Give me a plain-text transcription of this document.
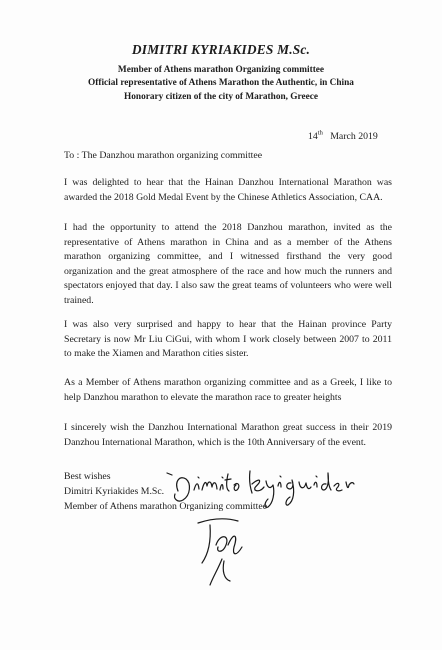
DIMITRI KYRIAKIDES M.Sc.

Member of Athens marathon Organizing committee

Official representative of Athens Marathon the Authentic, in China

Honorary citizen of the city of Marathon, Greece

14th March 2019
To : The Danzhou marathon organizing committee

I was delighted to hear that the Hainan Danzhou International Marathon was awarded the 2018 Gold Medal Event by the Chinese Athletics Association, CAA.

I had the opportunity to attend the 2018 Danzhou marathon, invited as the representative of Athens marathon in China and as a member of the Athens marathon organizing committee, and I witnessed firsthand the very good organization and the great atmosphere of the race and how much the runners and spectators enjoyed that day. I also saw the great teams of volunteers who were well trained.

I was also very surprised and happy to hear that the Hainan province Party Secretary is now Mr Liu CiGui, with whom I work closely between 2007 to 2011 to make the Xiamen and Marathon cities sister.

As a Member of Athens marathon organizing committee and as a Greek, I like to help Danzhou marathon to elevate the marathon race to greater heights

I sincerely wish the Danzhou International Marathon great success in their 2019 Danzhou International Marathon, which is the 10th Anniversary of the event.

Best wishes
Dimitri Kyriakides M.Sc.
Member of Athens marathon Organizing committee
